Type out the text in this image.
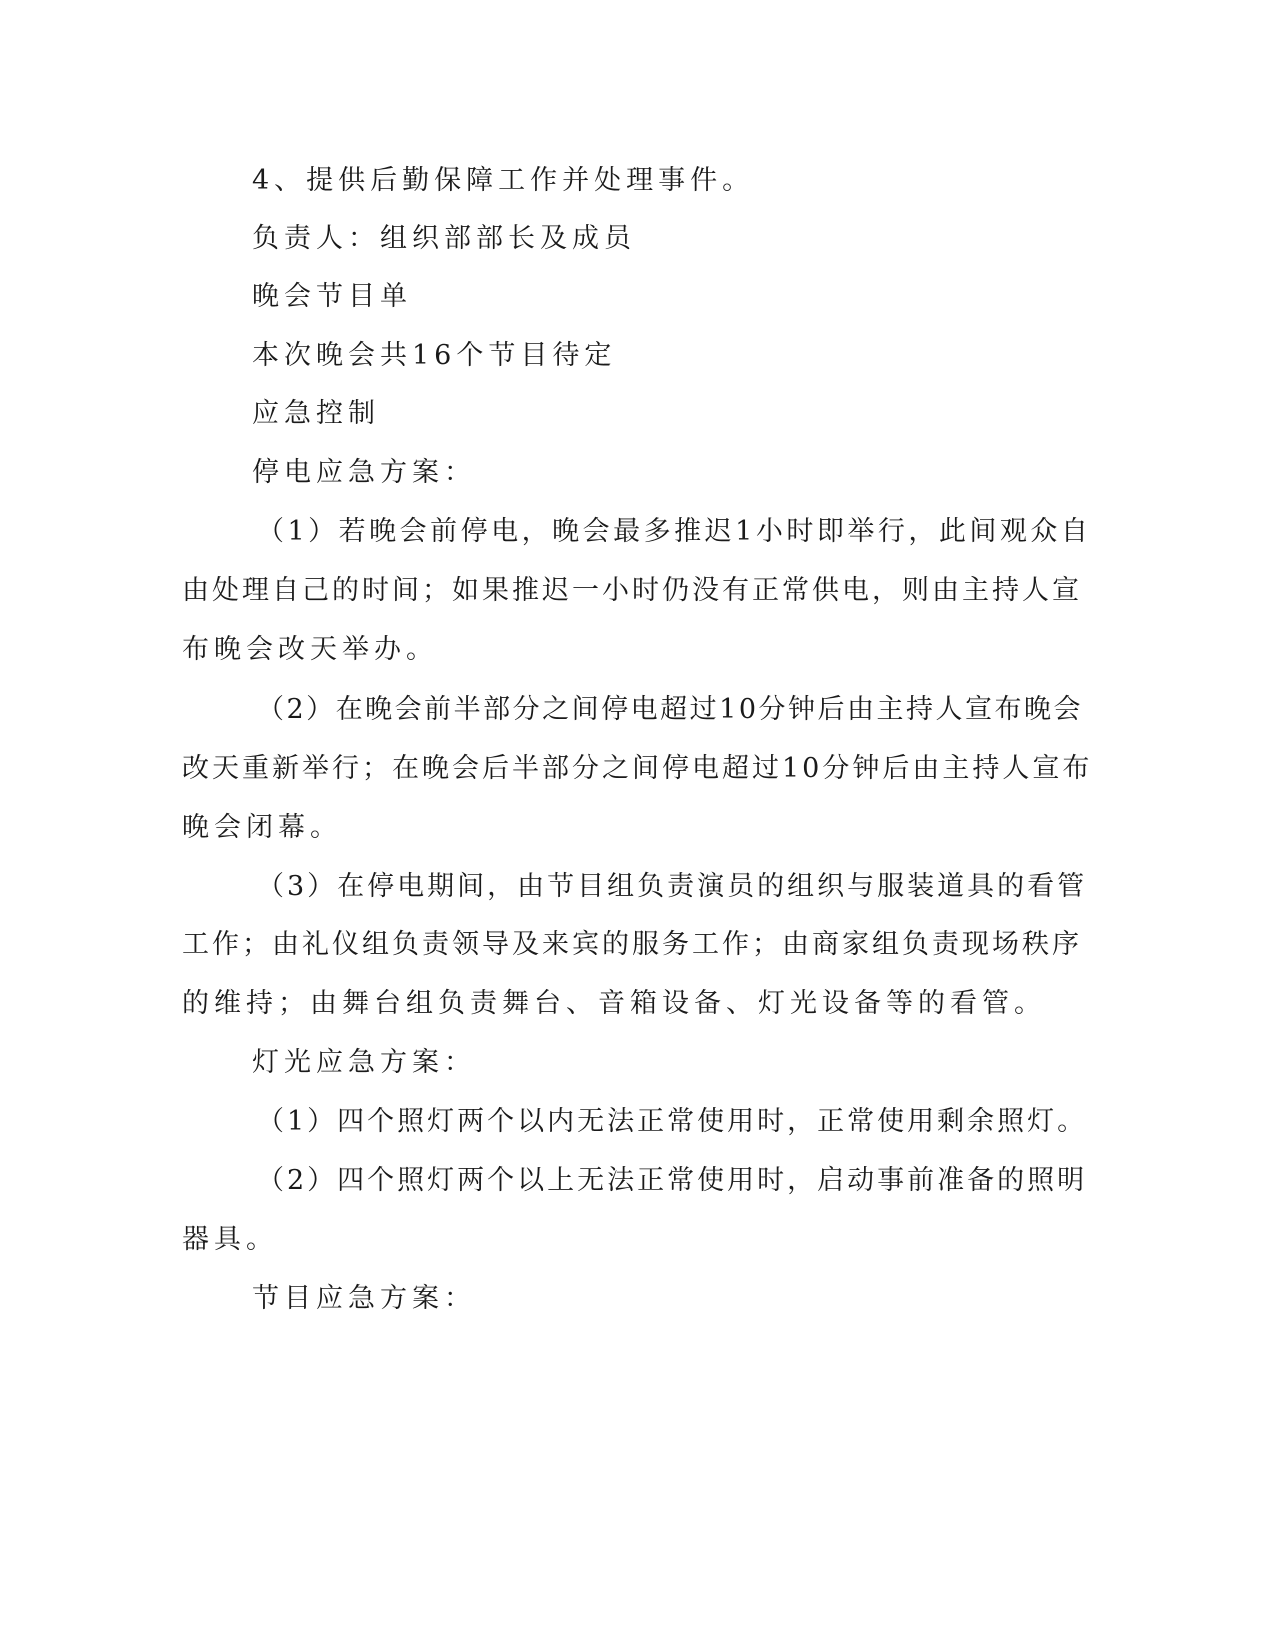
4、提供后勤保障工作并处理事件。
负责人：组织部部长及成员
晚会节目单
本次晚会共16个节目待定
应急控制
停电应急方案：
（1）若晚会前停电，晚会最多推迟1小时即举行，此间观众自
由处理自己的时间；如果推迟一小时仍没有正常供电，则由主持人宣
布晚会改天举办。
（2）在晚会前半部分之间停电超过10分钟后由主持人宣布晚会
改天重新举行；在晚会后半部分之间停电超过10分钟后由主持人宣布
晚会闭幕。
（3）在停电期间，由节目组负责演员的组织与服装道具的看管
工作；由礼仪组负责领导及来宾的服务工作；由商家组负责现场秩序
的维持；由舞台组负责舞台、音箱设备、灯光设备等的看管。
灯光应急方案：
（1）四个照灯两个以内无法正常使用时，正常使用剩余照灯。
（2）四个照灯两个以上无法正常使用时，启动事前准备的照明
器具。
节目应急方案：
